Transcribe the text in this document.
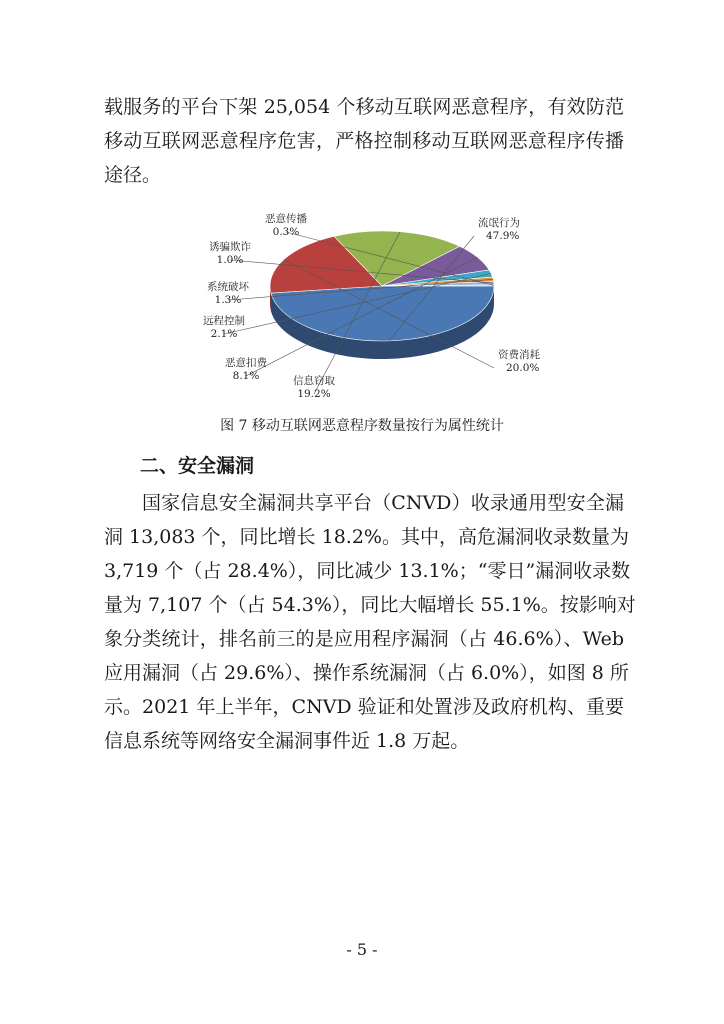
载服务的平台下架 25,054 个移动互联网恶意程序，有效防范
移动互联网恶意程序危害，严格控制移动互联网恶意程序传播
途径。
流氓行为
47.9%
资费消耗
20.0%
信息窃取
19.2%
恶意扣费
8.1%
远程控制
2.1%
系统破坏
1.3%
诱骗欺诈
1.0%
恶意传播
0.3%
图 7 移动互联网恶意程序数量按行为属性统计
二、安全漏洞
国家信息安全漏洞共享平台（CNVD）收录通用型安全漏
洞 13,083 个，同比增长 18.2%。其中，高危漏洞收录数量为
3,719 个（占 28.4%），同比减少 13.1%；“零日”漏洞收录数
量为 7,107 个（占 54.3%），同比大幅增长 55.1%。按影响对
象分类统计，排名前三的是应用程序漏洞（占 46.6%）、Web
应用漏洞（占 29.6%）、操作系统漏洞（占 6.0%），如图 8 所
示。2021 年上半年，CNVD 验证和处置涉及政府机构、重要
信息系统等网络安全漏洞事件近 1.8 万起。
- 5 -
